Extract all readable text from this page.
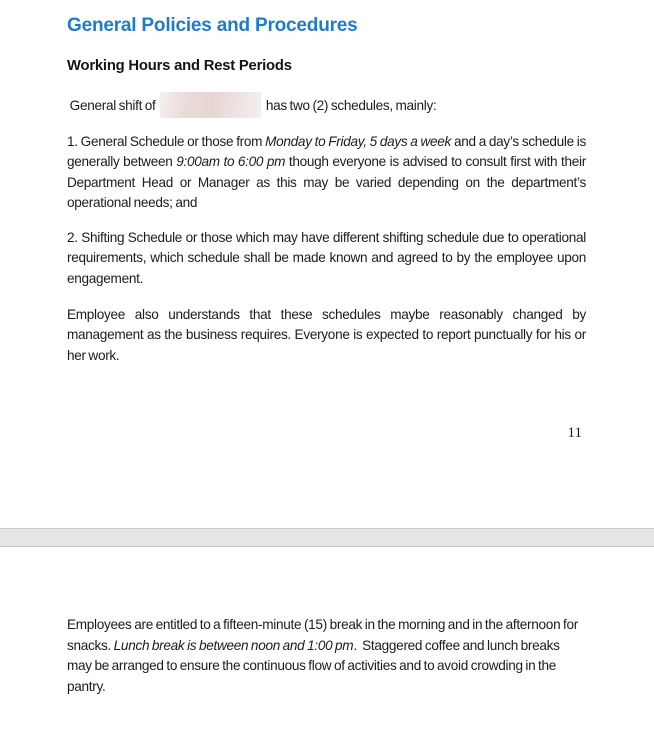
General Policies and Procedures
Working Hours and Rest Periods

General shift of	has two (2) schedules, mainly:

1. General Schedule or those from Monday to Friday, 5 days a week and a day’s schedule is generally between 9:00am to 6:00 pm though everyone is advised to consult first with their Department Head or Manager as this may be varied depending on the department’s operational needs; and

2. Shifting Schedule or those which may have different shifting schedule due to operational requirements, which schedule shall be made known and agreed to by the employee upon engagement.

Employee also understands that these schedules maybe reasonably changed by management as the business requires. Everyone is expected to report punctually for his or her work.

11

Employees are entitled to a fifteen-minute (15) break in the morning and in the afternoon for snacks. Lunch break is between noon and 1:00 pm.  Staggered coffee and lunch breaks may be arranged to ensure the continuous flow of activities and to avoid crowding in the pantry.
